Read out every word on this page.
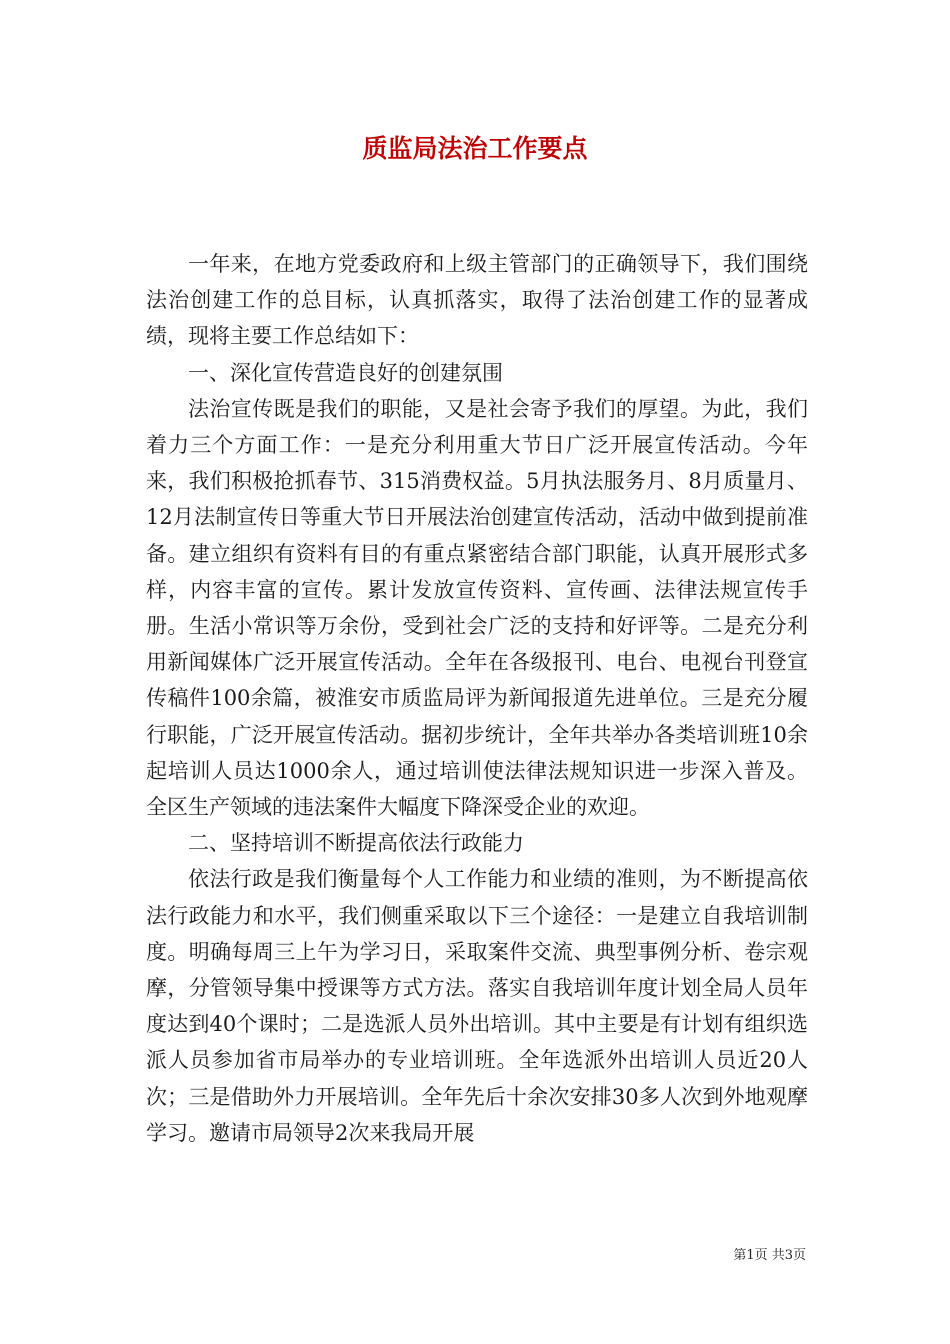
质监局法治工作要点

一年来，在地方党委政府和上级主管部门的正确领导下，我们围绕法治创建工作的总目标，认真抓落实，取得了法治创建工作的显著成绩，现将主要工作总结如下：

一、深化宣传营造良好的创建氛围

法治宣传既是我们的职能，又是社会寄予我们的厚望。为此，我们着力三个方面工作：一是充分利用重大节日广泛开展宣传活动。今年来，我们积极抢抓春节、315消费权益。5月执法服务月、8月质量月、12月法制宣传日等重大节日开展法治创建宣传活动，活动中做到提前准备。建立组织有资料有目的有重点紧密结合部门职能，认真开展形式多样，内容丰富的宣传。累计发放宣传资料、宣传画、法律法规宣传手册。生活小常识等万余份，受到社会广泛的支持和好评等。二是充分利用新闻媒体广泛开展宣传活动。全年在各级报刊、电台、电视台刊登宣传稿件100余篇，被淮安市质监局评为新闻报道先进单位。三是充分履行职能，广泛开展宣传活动。据初步统计，全年共举办各类培训班10余起培训人员达1000余人，通过培训使法律法规知识进一步深入普及。全区生产领域的违法案件大幅度下降深受企业的欢迎。

二、坚持培训不断提高依法行政能力

依法行政是我们衡量每个人工作能力和业绩的准则，为不断提高依法行政能力和水平，我们侧重采取以下三个途径：一是建立自我培训制度。明确每周三上午为学习日，采取案件交流、典型事例分析、卷宗观摩，分管领导集中授课等方式方法。落实自我培训年度计划全局人员年度达到40个课时；二是选派人员外出培训。其中主要是有计划有组织选派人员参加省市局举办的专业培训班。全年选派外出培训人员近20人次；三是借助外力开展培训。全年先后十余次安排30多人次到外地观摩学习。邀请市局领导2次来我局开展

第1页 共3页
